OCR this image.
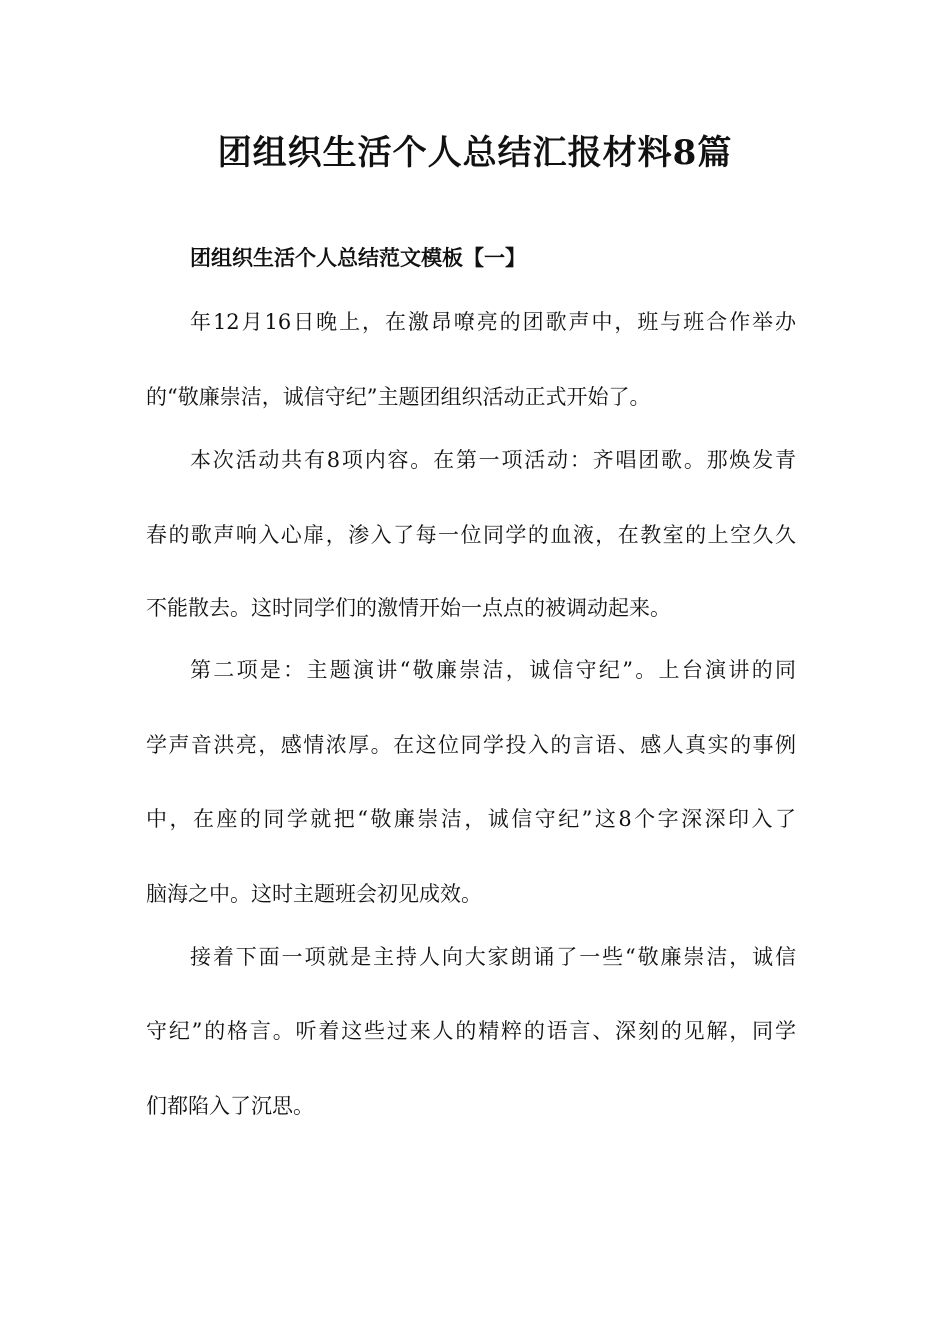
团组织生活个人总结汇报材料8篇
团组织生活个人总结范文模板【一】
年12月16日晚上，在激昂嘹亮的团歌声中，班与班合作举办
的“敬廉崇洁，诚信守纪”主题团组织活动正式开始了。
本次活动共有8项内容。在第一项活动：齐唱团歌。那焕发青
春的歌声响入心扉，渗入了每一位同学的血液，在教室的上空久久
不能散去。这时同学们的激情开始一点点的被调动起来。
第二项是：主题演讲“敬廉崇洁，诚信守纪”。上台演讲的同
学声音洪亮，感情浓厚。在这位同学投入的言语、感人真实的事例
中，在座的同学就把“敬廉崇洁，诚信守纪”这8个字深深印入了
脑海之中。这时主题班会初见成效。
接着下面一项就是主持人向大家朗诵了一些“敬廉崇洁，诚信
守纪”的格言。听着这些过来人的精粹的语言、深刻的见解，同学
们都陷入了沉思。
